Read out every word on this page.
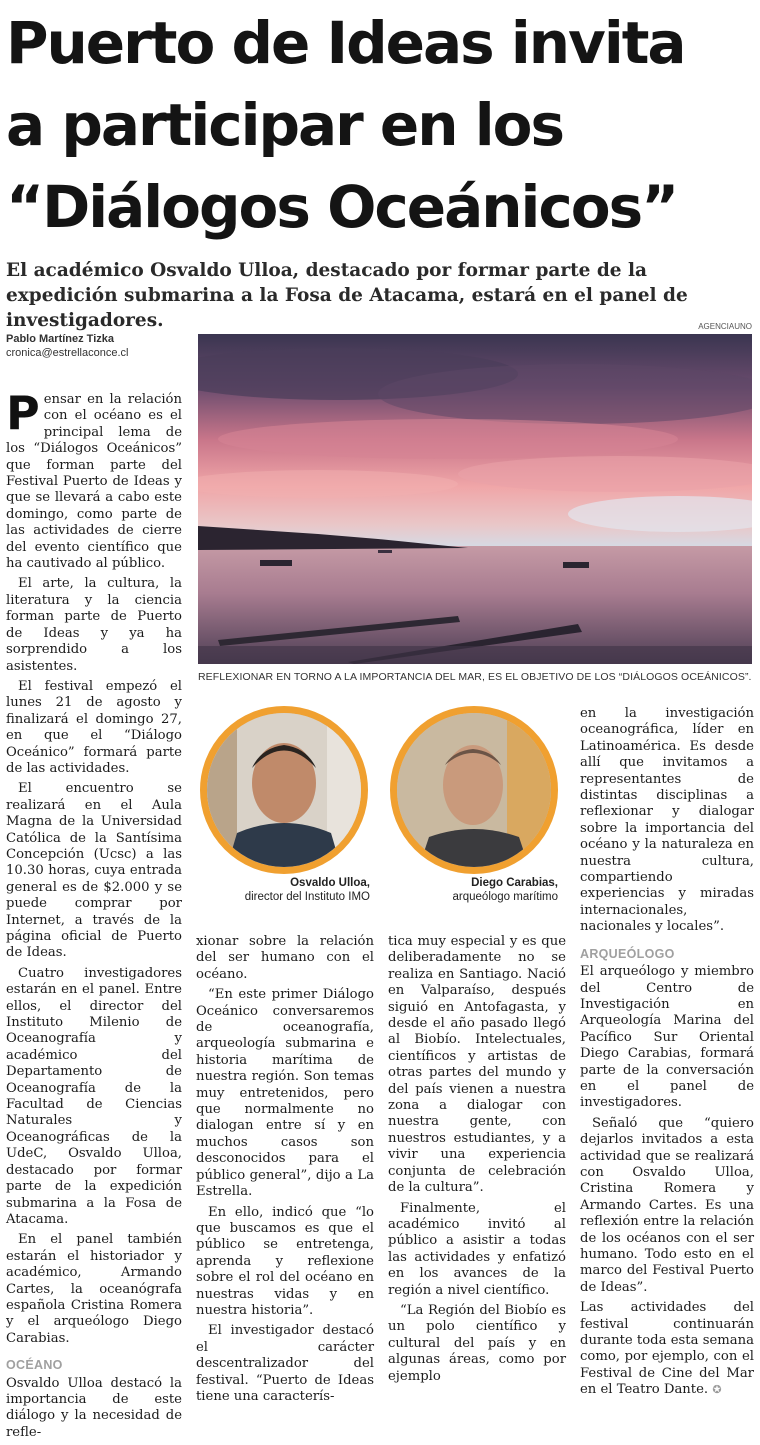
Puerto de Ideas invita
a participar en los
“Diálogos Oceánicos”

El académico Osvaldo Ulloa, destacado por formar parte de la expedición submarina a la Fosa de Atacama, estará en el panel de investigadores.

Pablo Martínez Tizka
cronica@estrellaconce.cl
AGENCIAUNO
REFLEXIONAR EN TORNO A LA IMPORTANCIA DEL MAR, ES EL OBJETIVO DE LOS “DIÁLOGOS OCEÁNICOS”.
Osvaldo Ulloa,
director del Instituto IMO
Diego Carabias,
arqueólogo marítimo

Pensar en la relación con el océano es el principal lema de los “Diálogos Oceánicos” que forman parte del Festival Puerto de Ideas y que se llevará a cabo este domingo, como parte de las actividades de cierre del evento científico que ha cautivado al público.

El arte, la cultura, la literatura y la ciencia forman parte de Puerto de Ideas y ya ha sorprendido a los asistentes.

El festival empezó el lunes 21 de agosto y finalizará el domingo 27, en que el “Diálogo Oceánico” formará parte de las actividades.

El encuentro se realizará en el Aula Magna de la Universidad Católica de la Santísima Concepción (Ucsc) a las 10.30 horas, cuya entrada general es de $2.000 y se puede comprar por Internet, a través de la página oficial de Puerto de Ideas.

Cuatro investigadores estarán en el panel. Entre ellos, el director del Instituto Milenio de Oceanografía y académico del Departamento de Oceanografía de la Facultad de Ciencias Naturales y Oceanográficas de la UdeC, Osvaldo Ulloa, destacado por formar parte de la expedición submarina a la Fosa de Atacama.

En el panel también estarán el historiador y académico, Armando Cartes, la oceanógrafa española Cristina Romera y el arqueólogo Diego Carabias.

OCÉANO

Osvaldo Ulloa destacó la importancia de este diálogo y la necesidad de refle-

xionar sobre la relación del ser humano con el océano.

“En este primer Diálogo Oceánico conversaremos de oceanografía, arqueología submarina e historia marítima de nuestra región. Son temas muy entretenidos, pero que normalmente no dialogan entre sí y en muchos casos son desconocidos para el público general”, dijo a La Estrella.

En ello, indicó que “lo que buscamos es que el público se entretenga, aprenda y reflexione sobre el rol del océano en nuestras vidas y en nuestra historia”.

El investigador destacó el carácter descentralizador del festival. “Puerto de Ideas tiene una caracterís-

tica muy especial y es que deliberadamente no se realiza en Santiago. Nació en Valparaíso, después siguió en Antofagasta, y desde el año pasado llegó al Biobío. Intelectuales, científicos y artistas de otras partes del mundo y del país vienen a nuestra zona a dialogar con nuestra gente, con nuestros estudiantes, y a vivir una experiencia conjunta de celebración de la cultura”.

Finalmente, el académico invitó al público a asistir a todas las actividades y enfatizó en los avances de la región a nivel científico.

“La Región del Biobío es un polo científico y cultural del país y en algunas áreas, como por ejemplo

en la investigación oceanográfica, líder en Latinoamérica. Es desde allí que invitamos a representantes de distintas disciplinas a reflexionar y dialogar sobre la importancia del océano y la naturaleza en nuestra cultura, compartiendo experiencias y miradas internacionales, nacionales y locales”.

ARQUEÓLOGO

El arqueólogo y miembro del Centro de Investigación en Arqueología Marina del Pacífico Sur Oriental Diego Carabias, formará parte de la conversación en el panel de investigadores.

Señaló que “quiero dejarlos invitados a esta actividad que se realizará con Osvaldo Ulloa, Cristina Romera y Armando Cartes. Es una reflexión entre la relación de los océanos con el ser humano. Todo esto en el marco del Festival Puerto de Ideas”.

Las actividades del festival continuarán durante toda esta semana como, por ejemplo, con el Festival de Cine del Mar en el Teatro Dante. ✪
